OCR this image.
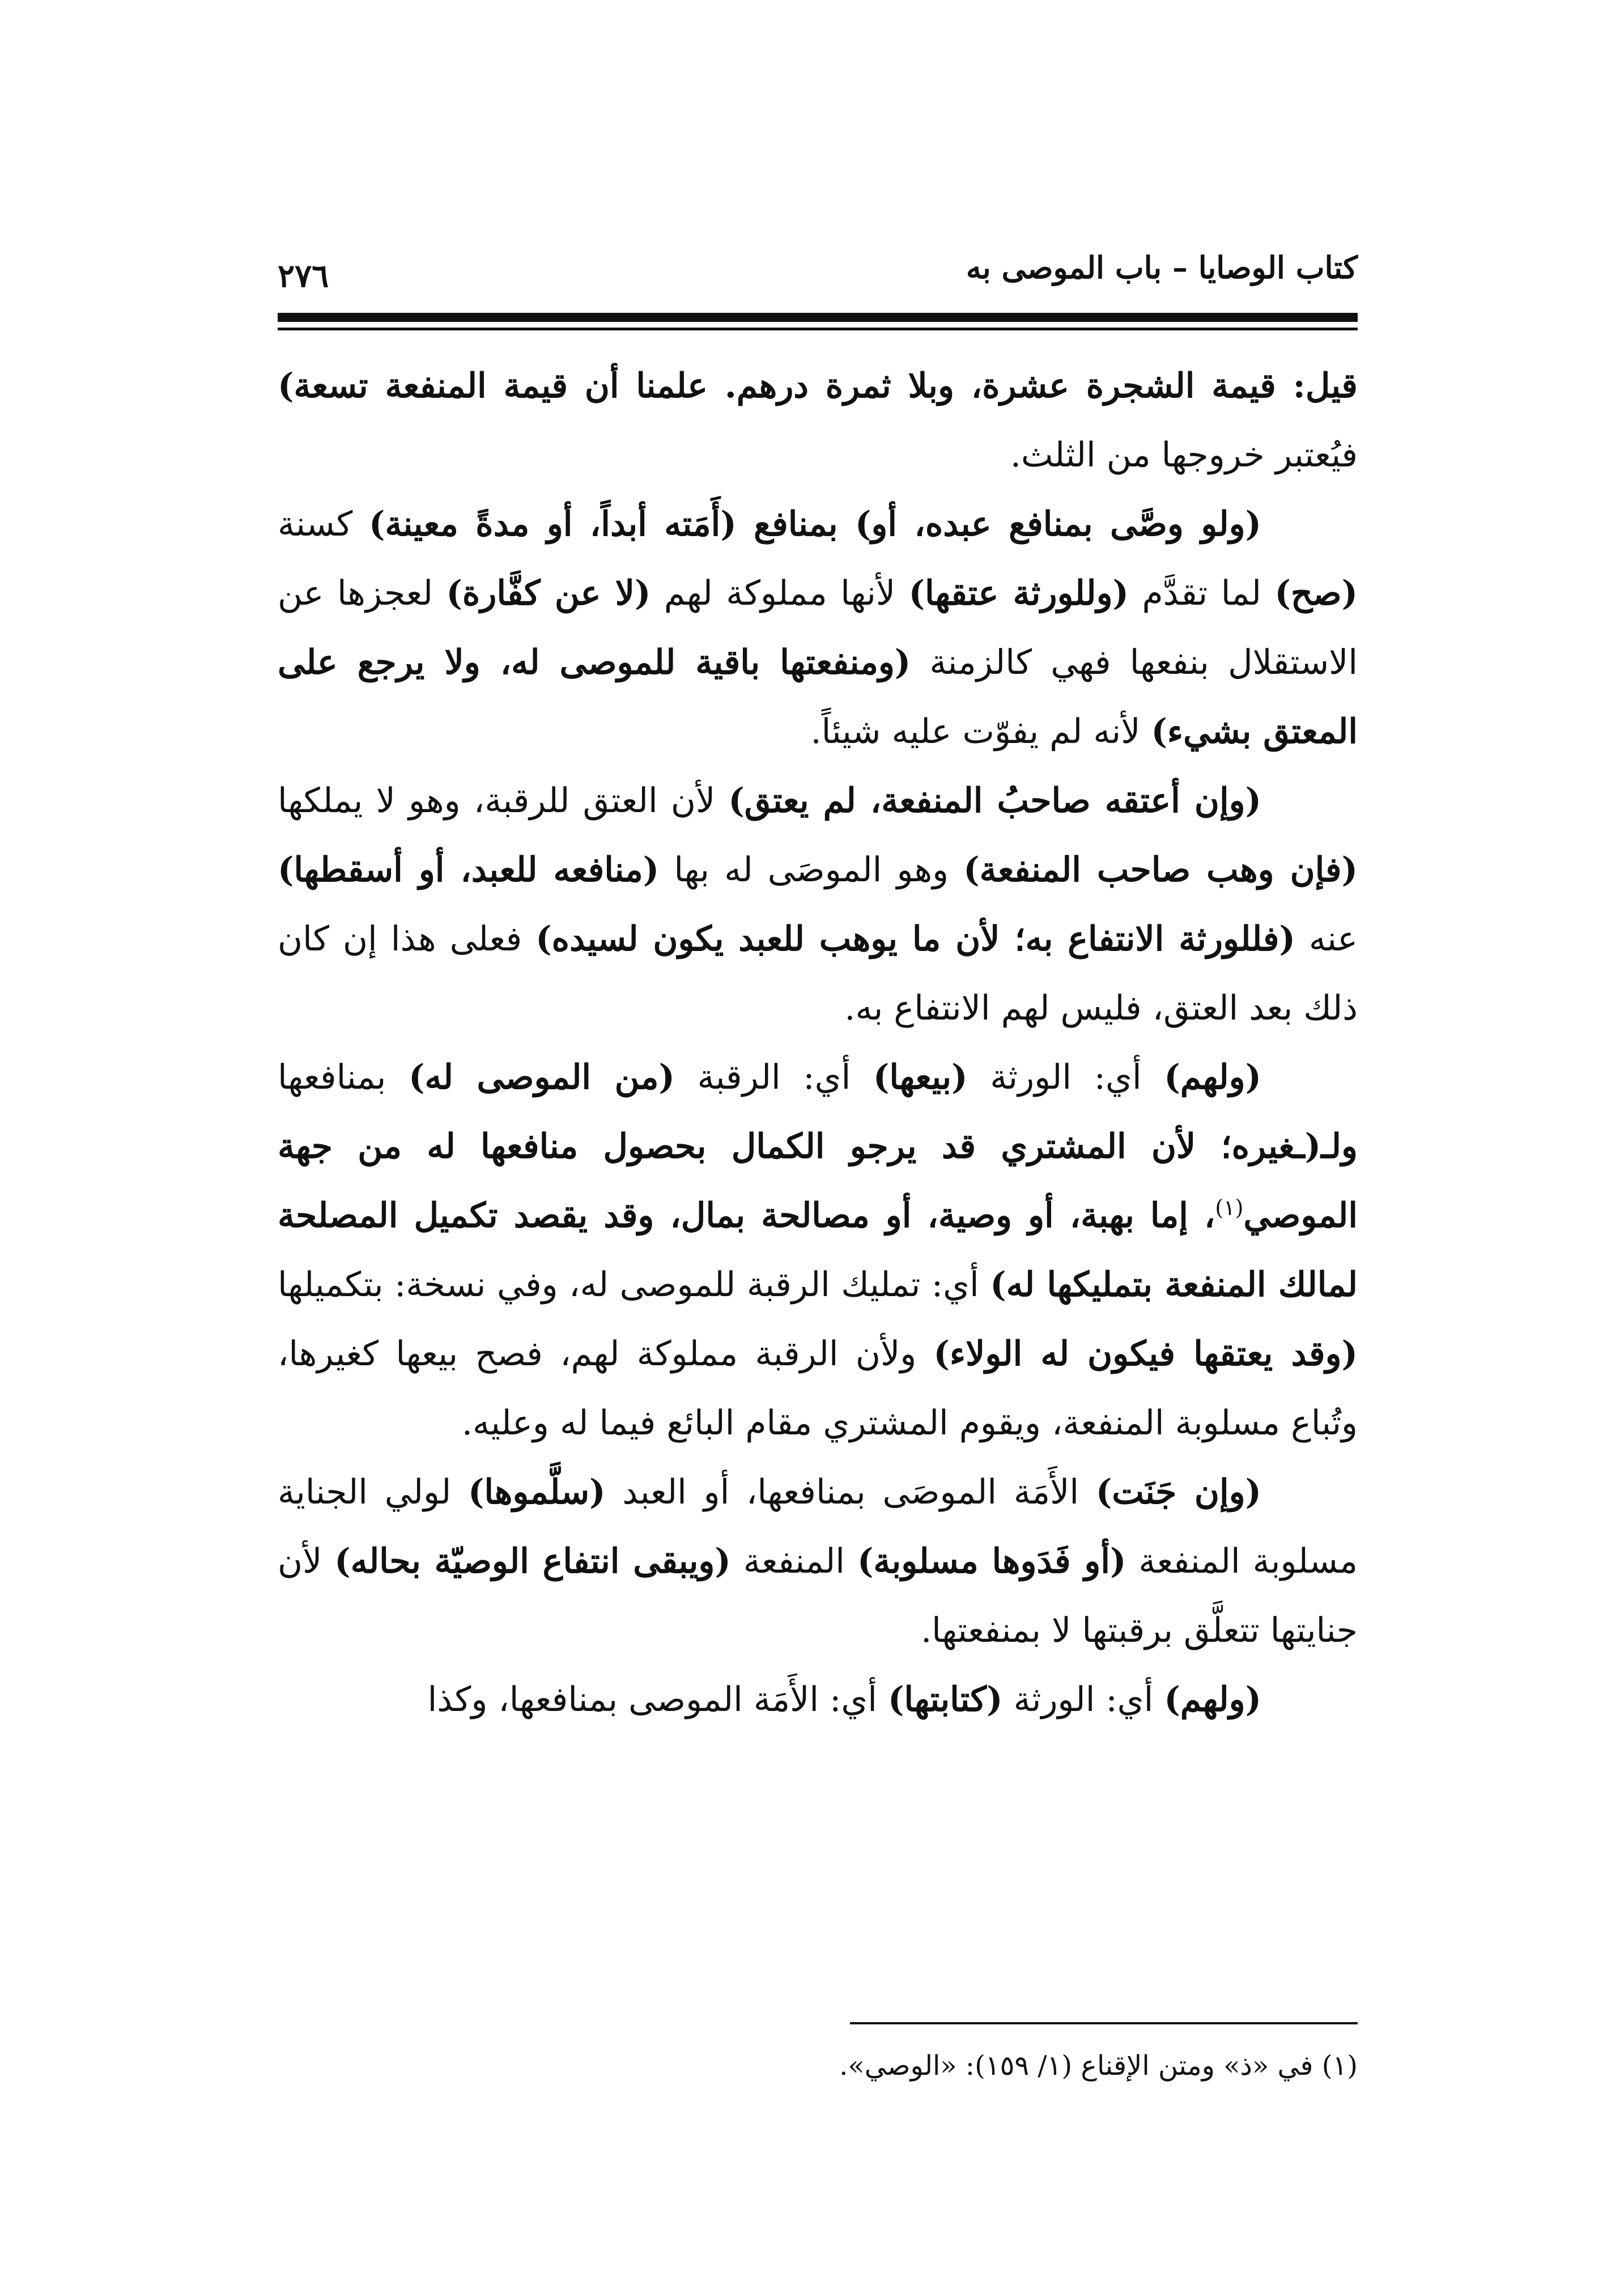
كتاب الوصايا – باب الموصى به
٢٧٦

قيل: قيمة الشجرة عشرة، وبلا ثمرة درهم. علمنا أن قيمة المنفعة تسعة) فيُعتبر خروجها من الثلث.

(ولو وصَّى بمنافع عبده، أو) بمنافع (أَمَته أبداً، أو مدةً معينة) كسنة (صح) لما تقدَّم (وللورثة عتقها) لأنها مملوكة لهم (لا عن كفَّارة) لعجزها عن الاستقلال بنفعها فهي كالزمنة (ومنفعتها باقية للموصى له، ولا يرجع على المعتق بشيء) لأنه لم يفوّت عليه شيئاً.

(وإن أعتقه صاحبُ المنفعة، لم يعتق) لأن العتق للرقبة، وهو لا يملكها (فإن وهب صاحب المنفعة) وهو الموصَى له بها (منافعه للعبد، أو أسقطها) عنه (فللورثة الانتفاع به؛ لأن ما يوهب للعبد يكون لسيده) فعلى هذا إن كان ذلك بعد العتق، فليس لهم الانتفاع به.

(ولهم) أي: الورثة (بيعها) أي: الرقبة (من الموصى له) بمنافعها ولـ(ـغيره؛ لأن المشتري قد يرجو الكمال بحصول منافعها له من جهة الموصي$^{(١)}$، إما بهبة، أو وصية، أو مصالحة بمال، وقد يقصد تكميل المصلحة لمالك المنفعة بتمليكها له) أي: تمليك الرقبة للموصى له، وفي نسخة: بتكميلها (وقد يعتقها فيكون له الولاء) ولأن الرقبة مملوكة لهم، فصح بيعها كغيرها، وتُباع مسلوبة المنفعة، ويقوم المشتري مقام البائع فيما له وعليه.

(وإن جَنَت) الأَمَة الموصَى بمنافعها، أو العبد (سلَّموها) لولي الجناية مسلوبة المنفعة (أو فَدَوها مسلوبة) المنفعة (ويبقى انتفاع الوصيّة بحاله) لأن جنايتها تتعلَّق برقبتها لا بمنفعتها.

(ولهم) أي: الورثة (كتابتها) أي: الأَمَة الموصى بمنافعها، وكذا

(١) في «ذ» ومتن الإقناع (١/ ١٥٩): «الوصي».
